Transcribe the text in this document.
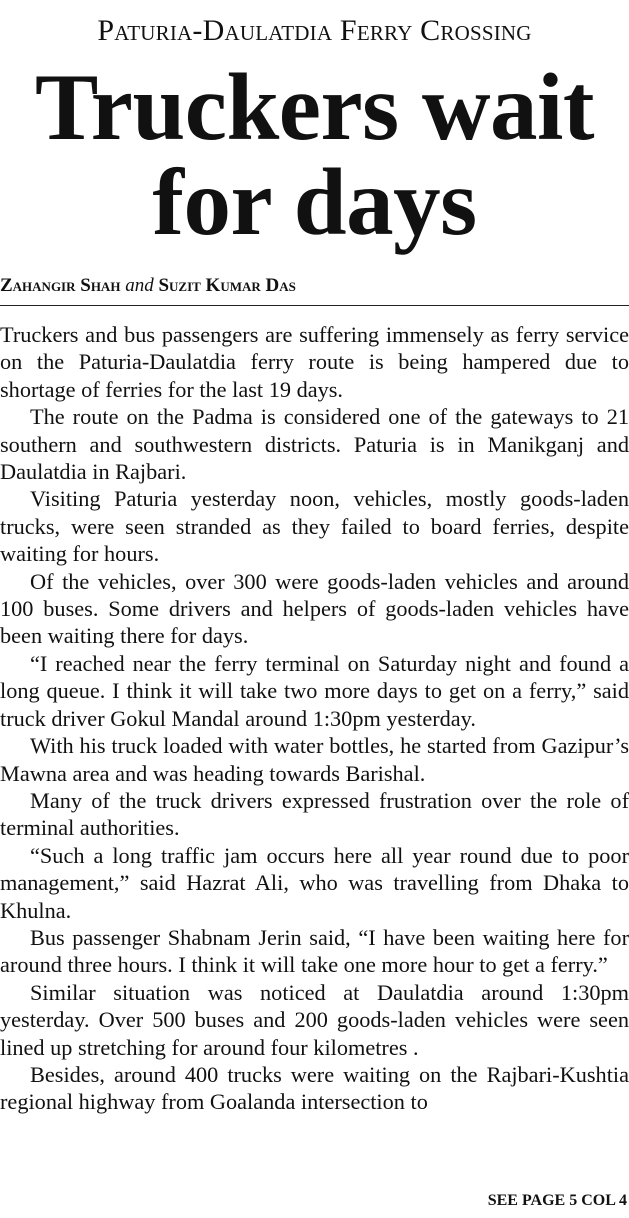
Paturia-Daulatdia Ferry Crossing
Truckers wait
for days
Zahangir Shah and Suzit Kumar Das

Truckers and bus passengers are suffering immensely as ferry service on the Paturia-Daulatdia ferry route is being hampered due to shortage of ferries for the last 19 days.

The route on the Padma is considered one of the gateways to 21 southern and southwestern districts. Paturia is in Manikganj and Daulatdia in Rajbari.

Visiting Paturia yesterday noon, vehicles, mostly goods-laden trucks, were seen stranded as they failed to board ferries, despite waiting for hours.

Of the vehicles, over 300 were goods-laden vehicles and around 100 buses. Some drivers and helpers of goods-laden vehicles have been waiting there for days.

“I reached near the ferry terminal on Saturday night and found a long queue. I think it will take two more days to get on a ferry,” said truck driver Gokul Mandal around 1:30pm yesterday.

With his truck loaded with water bottles, he started from Gazipur’s Mawna area and was heading towards Barishal.

Many of the truck drivers expressed frustration over the role of terminal authorities.

“Such a long traffic jam occurs here all year round due to poor management,” said Hazrat Ali, who was travelling from Dhaka to Khulna.

Bus passenger Shabnam Jerin said, “I have been waiting here for around three hours. I think it will take one more hour to get a ferry.”

Similar situation was noticed at Daulatdia around 1:30pm yesterday. Over 500 buses and 200 goods-laden vehicles were seen lined up stretching for around four kilometres .

Besides, around 400 trucks were waiting on the Rajbari-Kushtia regional highway from Goalanda intersection to

SEE PAGE 5 COL 4
